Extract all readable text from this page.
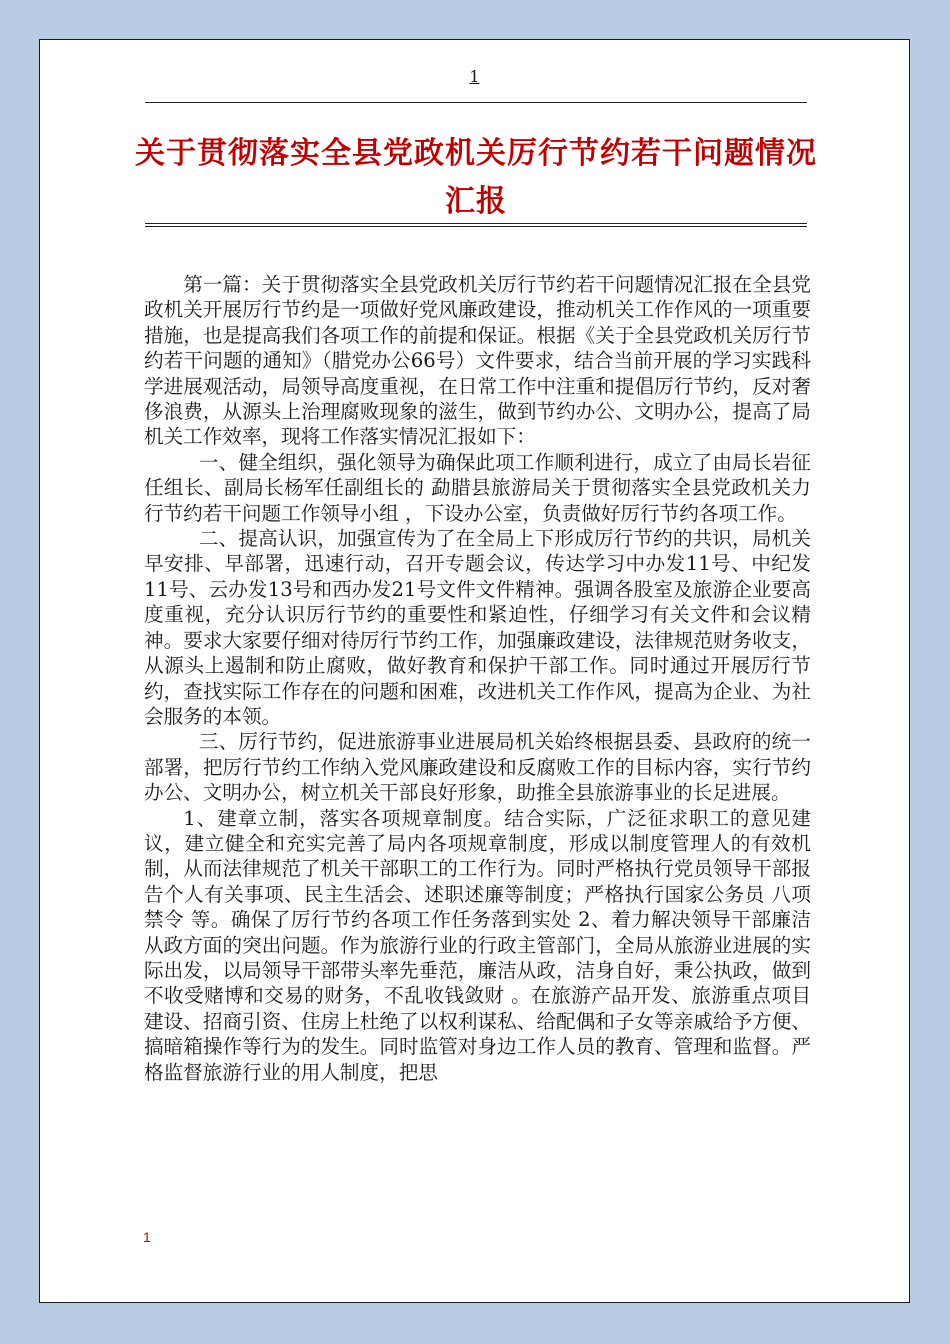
1
关于贯彻落实全县党政机关厉行节约若干问题情况汇报

第一篇：关于贯彻落实全县党政机关厉行节约若干问题情况汇报在全县党政机关开展厉行节约是一项做好党风廉政建设，推动机关工作作风的一项重要措施，也是提高我们各项工作的前提和保证。根据《关于全县党政机关厉行节约若干问题的通知》（腊党办公66号）文件要求，结合当前开展的学习实践科学进展观活动，局领导高度重视，在日常工作中注重和提倡厉行节约，反对奢侈浪费，从源头上治理腐败现象的滋生，做到节约办公、文明办公，提高了局机关工作效率，现将工作落实情况汇报如下：

一、健全组织，强化领导为确保此项工作顺利进行，成立了由局长岩征任组长、副局长杨军任副组长的 勐腊县旅游局关于贯彻落实全县党政机关力行节约若干问题工作领导小组 ，下设办公室，负责做好厉行节约各项工作。

二、提高认识，加强宣传为了在全局上下形成厉行节约的共识，局机关早安排、早部署，迅速行动，召开专题会议，传达学习中办发11号、中纪发11号、云办发13号和西办发21号文件文件精神。强调各股室及旅游企业要高度重视，充分认识厉行节约的重要性和紧迫性，仔细学习有关文件和会议精神。要求大家要仔细对待厉行节约工作，加强廉政建设，法律规范财务收支，从源头上遏制和防止腐败，做好教育和保护干部工作。同时通过开展厉行节约，查找实际工作存在的问题和困难，改进机关工作作风，提高为企业、为社会服务的本领。

三、厉行节约，促进旅游事业进展局机关始终根据县委、县政府的统一部署，把厉行节约工作纳入党风廉政建设和反腐败工作的目标内容，实行节约办公、文明办公，树立机关干部良好形象，助推全县旅游事业的长足进展。

1、建章立制，落实各项规章制度。结合实际，广泛征求职工的意见建议，建立健全和充实完善了局内各项规章制度，形成以制度管理人的有效机制，从而法律规范了机关干部职工的工作行为。同时严格执行党员领导干部报告个人有关事项、民主生活会、述职述廉等制度；严格执行国家公务员 八项禁令 等。确保了厉行节约各项工作任务落到实处 2、着力解决领导干部廉洁从政方面的突出问题。作为旅游行业的行政主管部门，全局从旅游业进展的实际出发，以局领导干部带头率先垂范，廉洁从政，洁身自好，秉公执政，做到不收受赌博和交易的财务，不乱收钱敛财 。在旅游产品开发、旅游重点项目建设、招商引资、住房上杜绝了以权利谋私、给配偶和子女等亲戚给予方便、搞暗箱操作等行为的发生。同时监管对身边工作人员的教育、管理和监督。严格监督旅游行业的用人制度，把思

1
